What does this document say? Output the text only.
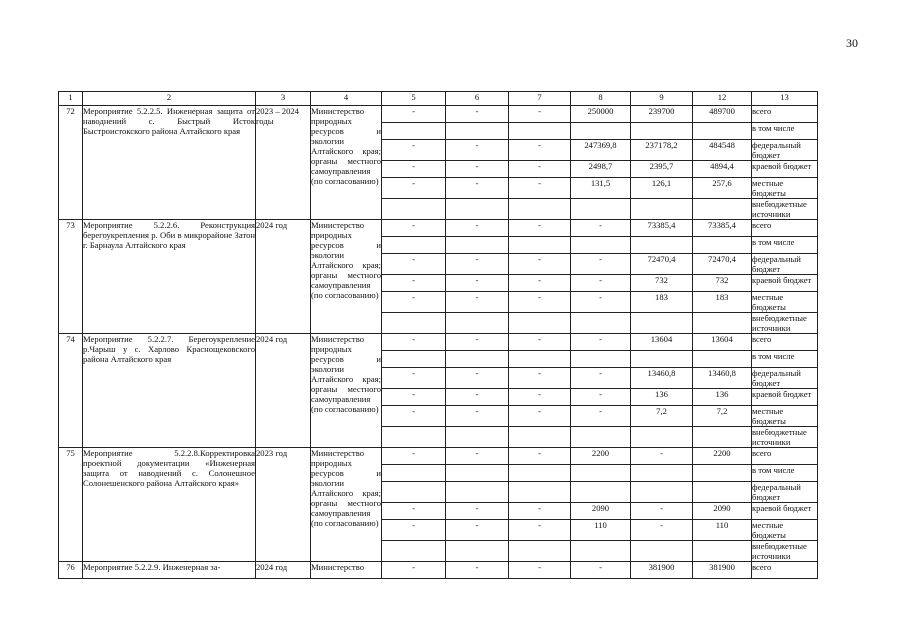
30
1	2	3	4	5	6	7	8	9	12	13
72	Мероприятие 5.2.2.5. Инженерная защита от наводнений с. Быстрый Исток Быстроистокского района Алтайского края	2023 – 2024 годы	Министерство природных ресурсов и экологии Алтайского края; органы местного самоуправления (по согласованию)	-	-	-	250000	239700	489700	всего
										в том числе
				-	-	-	247369,8	237178,2	484548	федеральный бюджет
				-	-	-	2498,7	2395,7	4894,4	краевой бюджет
				-	-	-	131,5	126,1	257,6	местные бюджеты
										внебюджетные источники
73	Мероприятие 5.2.2.6. Реконструкция берегоукрепления р. Оби в микрорайоне Затон г. Барнаула Алтайского края	2024 год	Министерство природных ресурсов и экологии Алтайского края; органы местного самоуправления (по согласованию)	-	-	-	-	73385,4	73385,4	всего
										в том числе
				-	-	-	-	72470,4	72470,4	федеральный бюджет
				-	-	-	-	732	732	краевой бюджет
				-	-	-	-	183	183	местные бюджеты
										внебюджетные источники
74	Мероприятие 5.2.2.7. Берегоукрепление р.Чарыш у с. Харлово Краснощековского района Алтайского края	2024 год	Министерство природных ресурсов и экологии Алтайского края; органы местного самоуправления (по согласованию)	-	-	-	-	13604	13604	всего
										в том числе
				-	-	-	-	13460,8	13460,8	федеральный бюджет
				-	-	-	-	136	136	краевой бюджет
				-	-	-	-	7,2	7,2	местные бюджеты
										внебюджетные источники
75	Мероприятие 5.2.2.8.Корректировка проектной документации «Инженерная защита от наводнений с. Солонешное Солонешенского района Алтайского края»	2023 год	Министерство природных ресурсов и экологии Алтайского края; органы местного самоуправления (по согласованию)	-	-	-	2200	-	2200	всего
										в том числе
										федеральный бюджет
				-	-	-	2090	-	2090	краевой бюджет
				-	-	-	110	-	110	местные бюджеты
										внебюджетные источники
76	Мероприятие 5.2.2.9. Инженерная за-	2024 год	Министерство	-	-	-	-	381900	381900	всего
